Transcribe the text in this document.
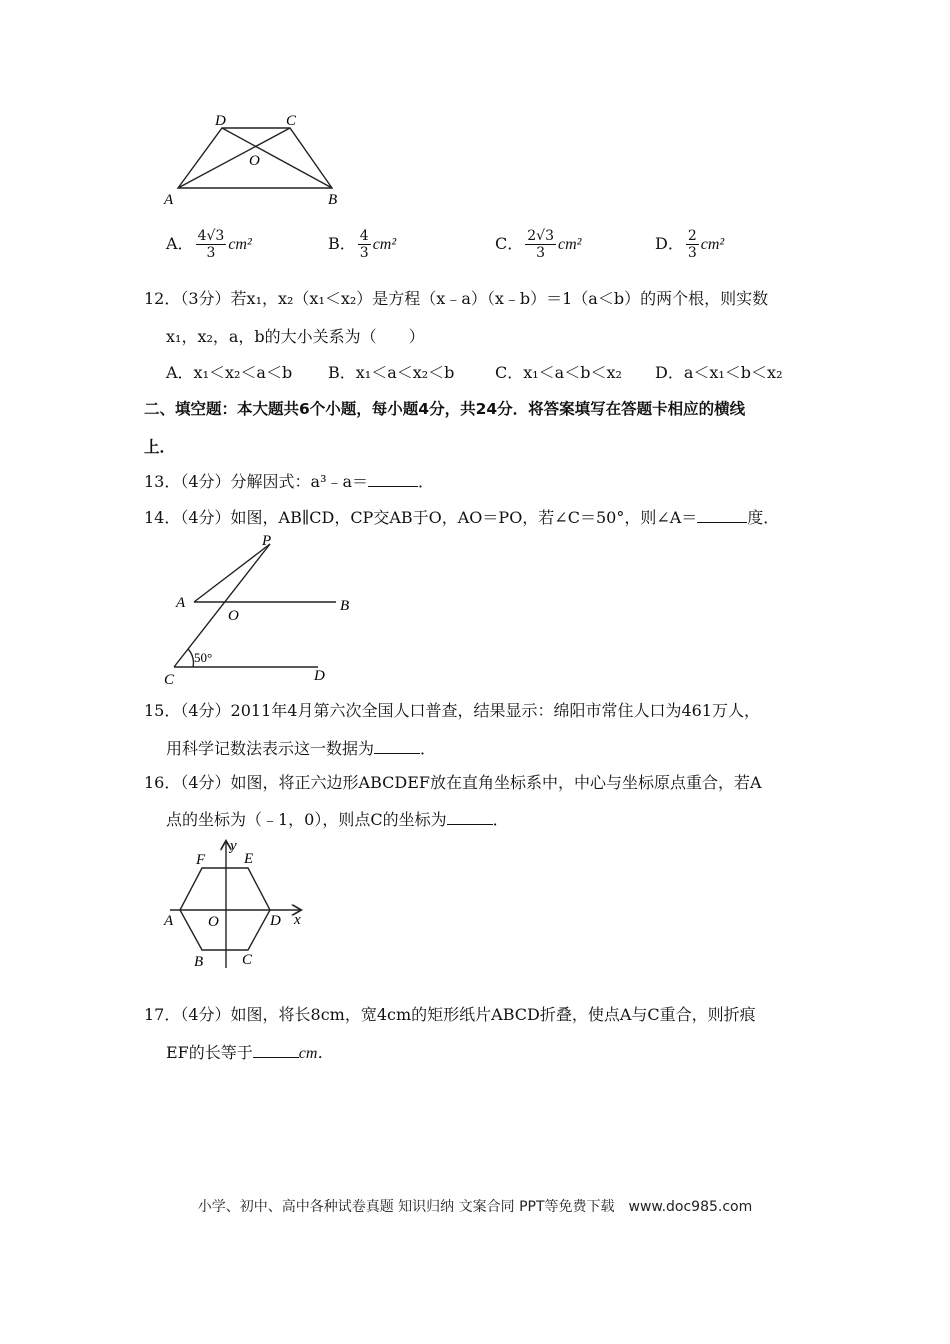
D	C
O
A	B
A． $\frac{4√3}{3} cm^2$	B． $\frac{4}{3} cm^2$	C． $\frac{2√3}{3} cm^2$	D． $\frac{2}{3} cm^2$
12．（3分）若x₁，x₂（x₁＜x₂）是方程（x﹣a）（x﹣b）＝1（a＜b）的两个根，则实数
x₁，x₂，a，b的大小关系为（　　）
A．x₁＜x₂＜a＜b B．x₁＜a＜x₂＜b	C．x₁＜a＜b＜x₂ D．a＜x₁＜b＜x₂
二、填空题：本大题共6个小题，每小题4分，共24分．将答案填写在答题卡相应的横线
上．
13．（4分）分解因式：a³﹣a＝	．
14．（4分）如图，AB∥CD，CP交AB于O，AO＝PO，若∠C＝50°，则∠A＝	度．
P
A
O
B
C	D
50°
15．（4分）2011年4月第六次全国人口普查，结果显示：绵阳市常住人口为461万人，
用科学记数法表示这一数据为	．
16．（4分）如图，将正六边形ABCDEF放在直角坐标系中，中心与坐标原点重合，若A
点的坐标为（﹣1，0），则点C的坐标为	．
F	E
A O	D
B	C
x
y
17．（4分）如图，将长8cm，宽4cm的矩形纸片ABCD折叠，使点A与C重合，则折痕
EF的长等于	cm．
小学、初中、高中各种试卷真题 知识归纳 文案合同 PPT等免费下载　www.doc985.com
